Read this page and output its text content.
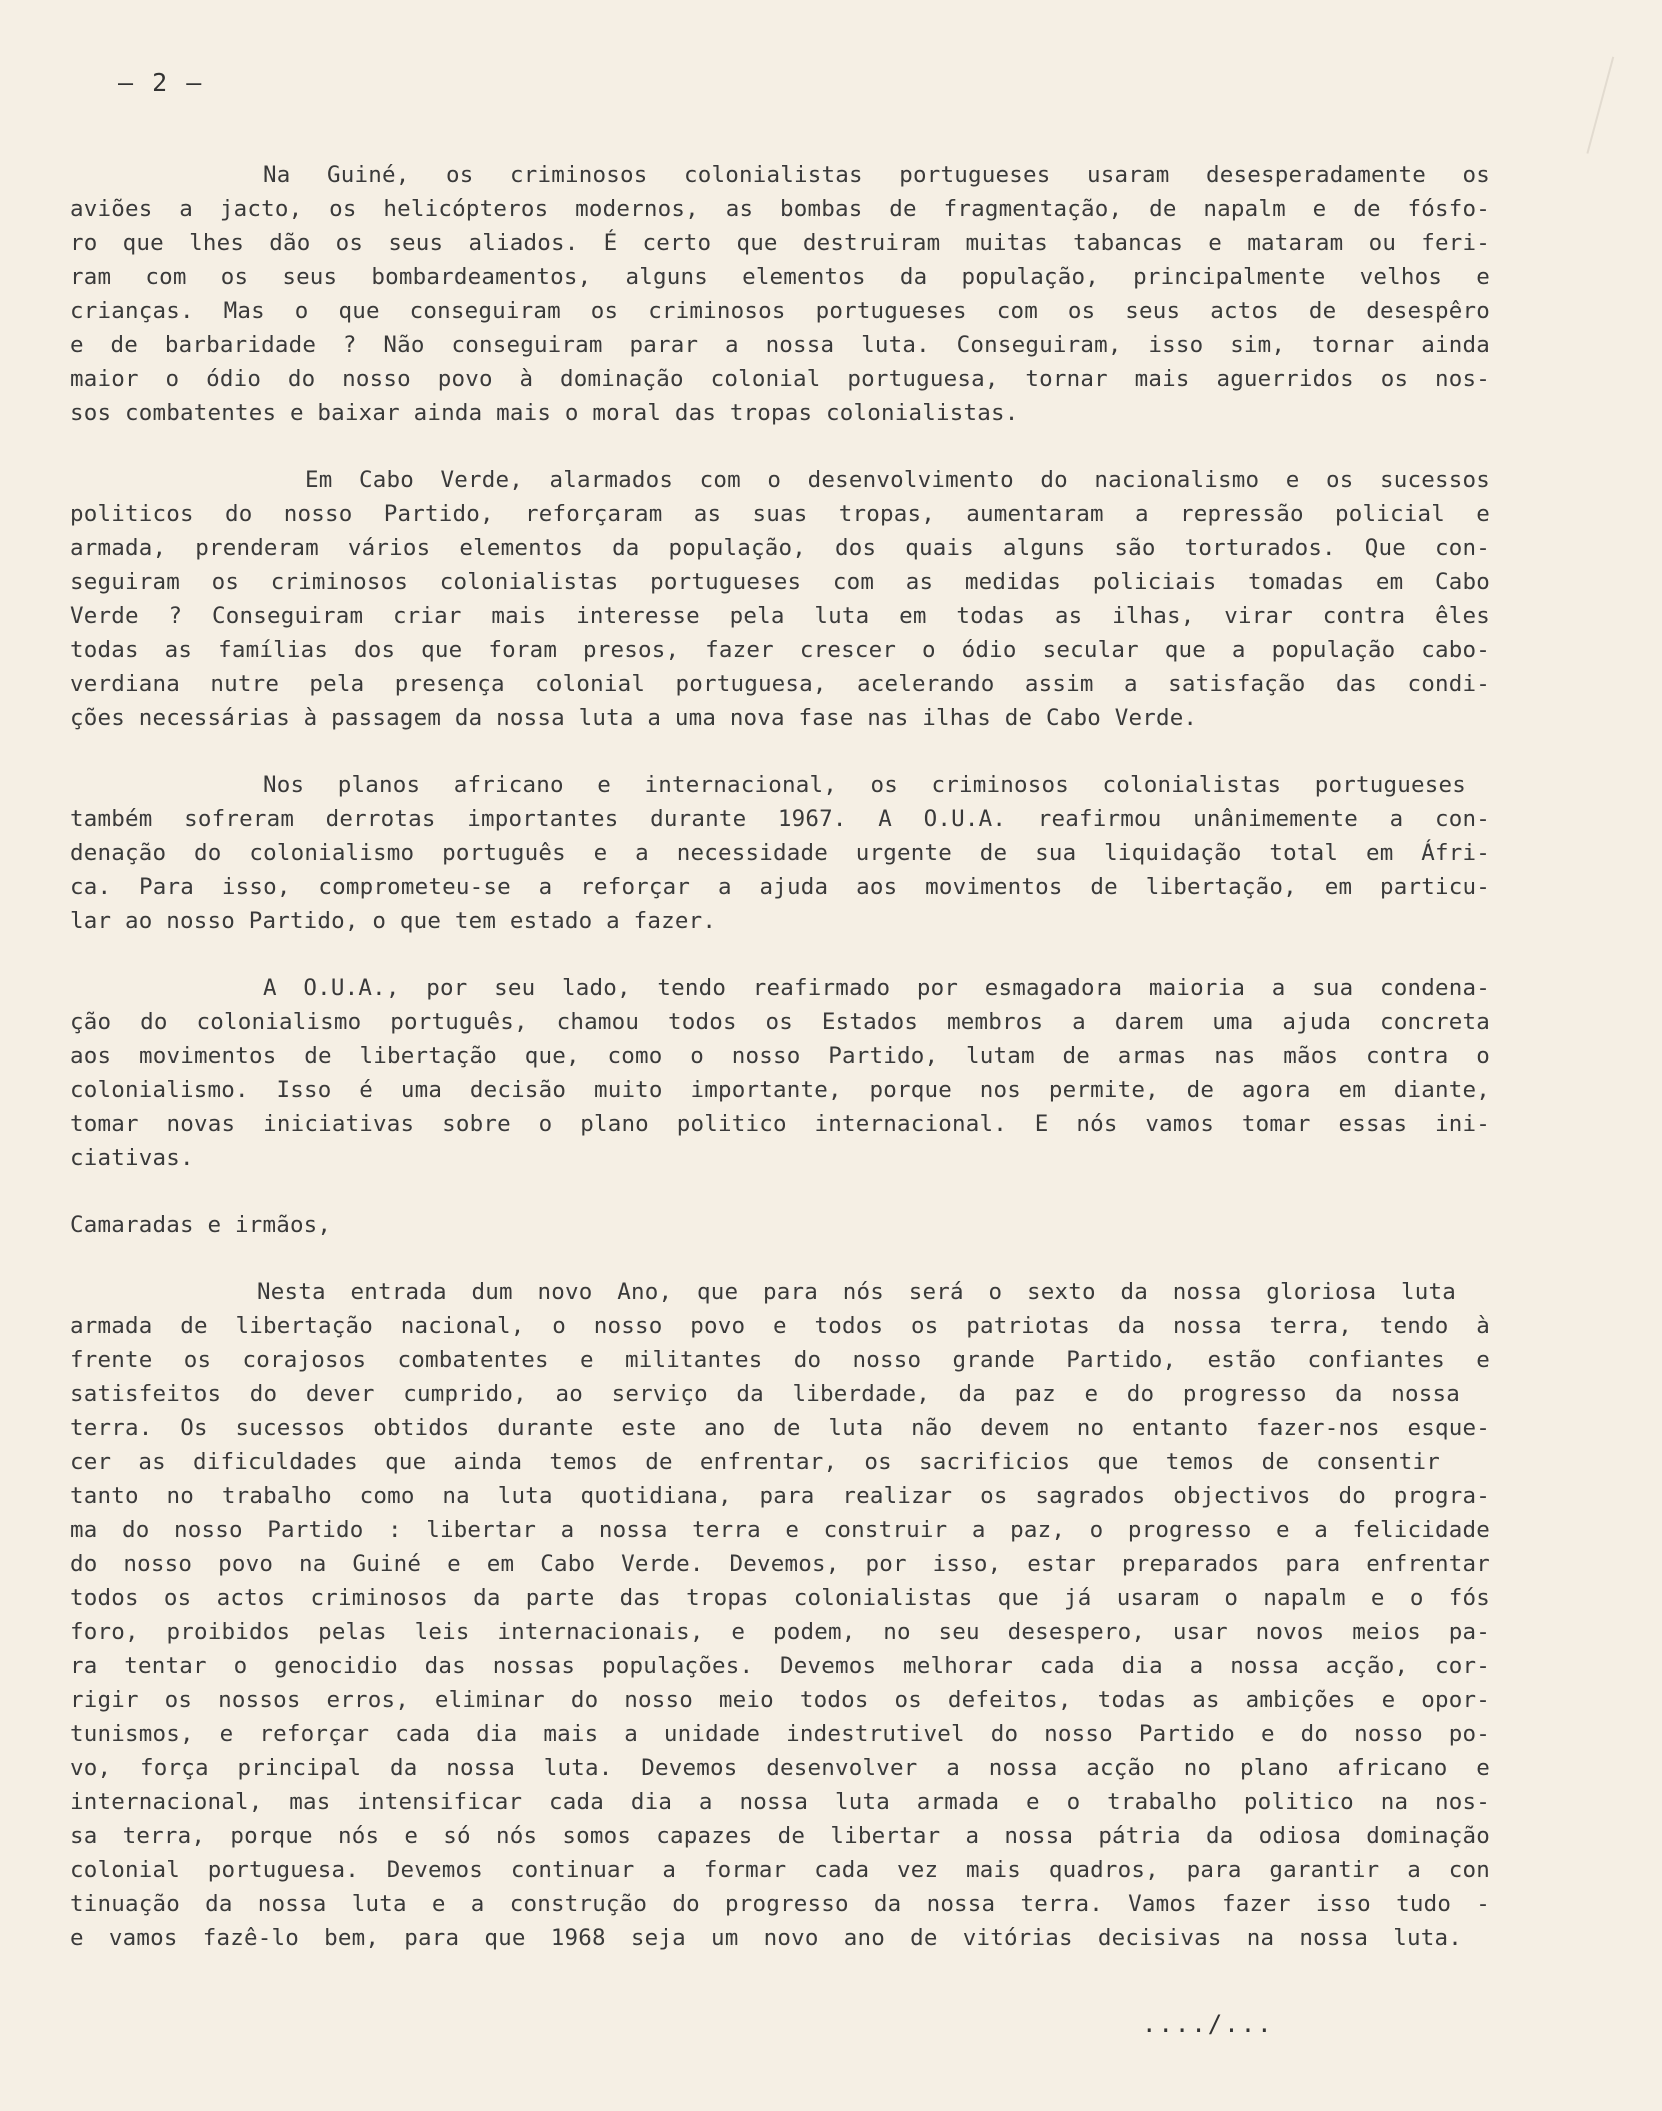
– 2 –
Na Guiné, os criminosos colonialistas portugueses usaram desesperadamente os
aviões a jacto, os helicópteros modernos, as bombas de fragmentação, de napalm e de fósfo-
ro que lhes dão os seus aliados. É certo que destruiram muitas tabancas e mataram ou feri-
ram com os seus bombardeamentos, alguns elementos da população, principalmente velhos e
crianças. Mas o que conseguiram os criminosos portugueses com os seus actos de desespêro
e de barbaridade ? Não conseguiram parar a nossa luta. Conseguiram, isso sim, tornar ainda
maior o ódio do nosso povo à dominação colonial portuguesa, tornar mais aguerridos os nos-
sos combatentes e baixar ainda mais o moral das tropas colonialistas.
Em Cabo Verde, alarmados com o desenvolvimento do nacionalismo e os sucessos
politicos do nosso Partido, reforçaram as suas tropas, aumentaram a repressão policial e
armada, prenderam vários elementos da população, dos quais alguns são torturados. Que con-
seguiram os criminosos colonialistas portugueses com as medidas policiais tomadas em Cabo
Verde ? Conseguiram criar mais interesse pela luta em todas as ilhas, virar contra êles
todas as famílias dos que foram presos, fazer crescer o ódio secular que a população cabo-
verdiana nutre pela presença colonial portuguesa, acelerando assim a satisfação das condi-
ções necessárias à passagem da nossa luta a uma nova fase nas ilhas de Cabo Verde.
Nos planos africano e internacional, os criminosos colonialistas portugueses
também sofreram derrotas importantes durante 1967. A O.U.A. reafirmou unânimemente a con-
denação do colonialismo português e a necessidade urgente de sua liquidação total em Áfri-
ca. Para isso, comprometeu-se a reforçar a ajuda aos movimentos de libertação, em particu-
lar ao nosso Partido, o que tem estado a fazer.
A O.U.A., por seu lado, tendo reafirmado por esmagadora maioria a sua condena-
ção do colonialismo português, chamou todos os Estados membros a darem uma ajuda concreta
aos movimentos de libertação que, como o nosso Partido, lutam de armas nas mãos contra o
colonialismo. Isso é uma decisão muito importante, porque nos permite, de agora em diante,
tomar novas iniciativas sobre o plano politico internacional. E nós vamos tomar essas ini-
ciativas.
Camaradas e irmãos,
Nesta entrada dum novo Ano, que para nós será o sexto da nossa gloriosa luta
armada de libertação nacional, o nosso povo e todos os patriotas da nossa terra, tendo à
frente os corajosos combatentes e militantes do nosso grande Partido, estão confiantes e
satisfeitos do dever cumprido, ao serviço da liberdade, da paz e do progresso da nossa
terra. Os sucessos obtidos durante este ano de luta não devem no entanto fazer-nos esque-
cer as dificuldades que ainda temos de enfrentar, os sacrificios que temos de consentir
tanto no trabalho como na luta quotidiana, para realizar os sagrados objectivos do progra-
ma do nosso Partido : libertar a nossa terra e construir a paz, o progresso e a felicidade
do nosso povo na Guiné e em Cabo Verde. Devemos, por isso, estar preparados para enfrentar
todos os actos criminosos da parte das tropas colonialistas que já usaram o napalm e o fós
foro, proibidos pelas leis internacionais, e podem, no seu desespero, usar novos meios pa-
ra tentar o genocidio das nossas populações. Devemos melhorar cada dia a nossa acção, cor-
rigir os nossos erros, eliminar do nosso meio todos os defeitos, todas as ambições e opor-
tunismos, e reforçar cada dia mais a unidade indestrutivel do nosso Partido e do nosso po-
vo, força principal da nossa luta. Devemos desenvolver a nossa acção no plano africano e
internacional, mas intensificar cada dia a nossa luta armada e o trabalho politico na nos-
sa terra, porque nós e só nós somos capazes de libertar a nossa pátria da odiosa dominação
colonial portuguesa. Devemos continuar a formar cada vez mais quadros, para garantir a con
tinuação da nossa luta e a construção do progresso da nossa terra. Vamos fazer isso tudo -
e vamos fazê-lo bem, para que 1968 seja um novo ano de vitórias decisivas na nossa luta.
..../...
